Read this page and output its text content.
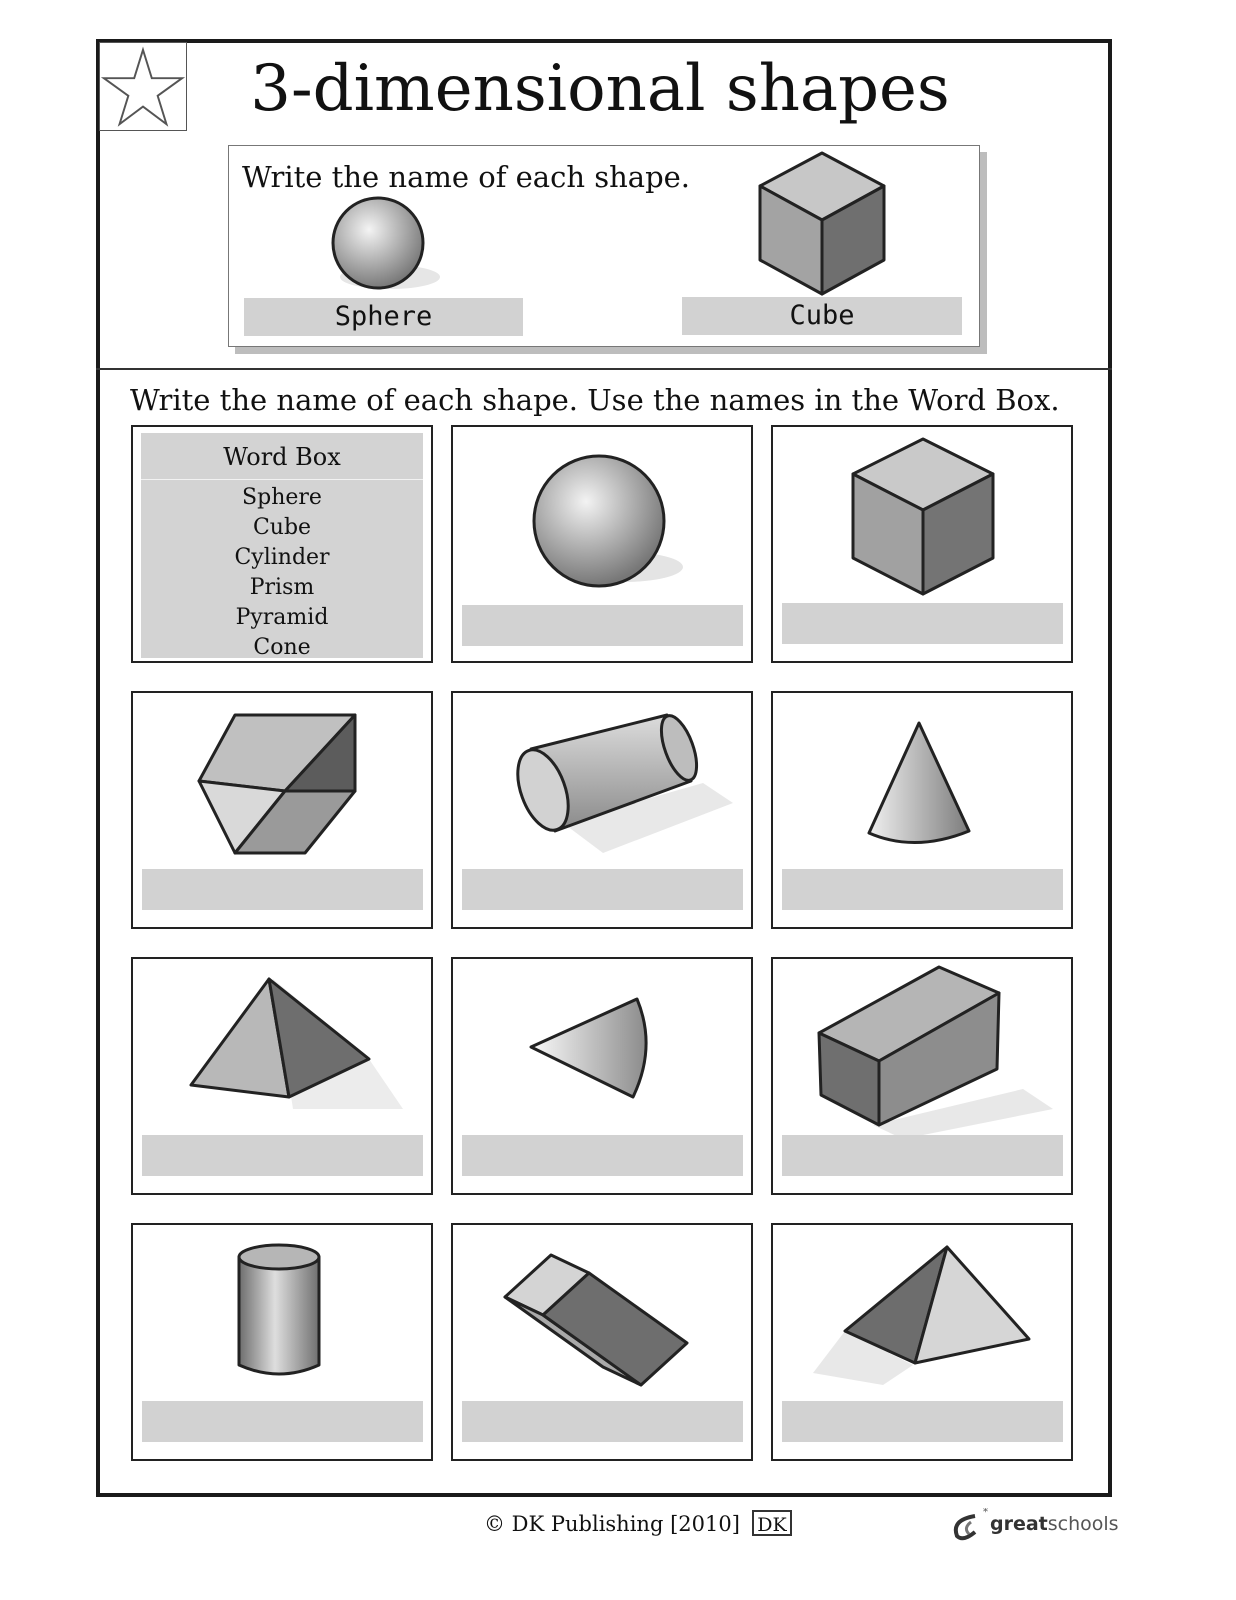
3-dimensional shapes
Write the name of each shape.
Sphere	Cube
Write the name of each shape. Use the names in the Word Box.
Word Box
Sphere
Cube
Cylinder
Prism
Pyramid
Cone
© DK Publishing [2010] DK
*
greatschools
